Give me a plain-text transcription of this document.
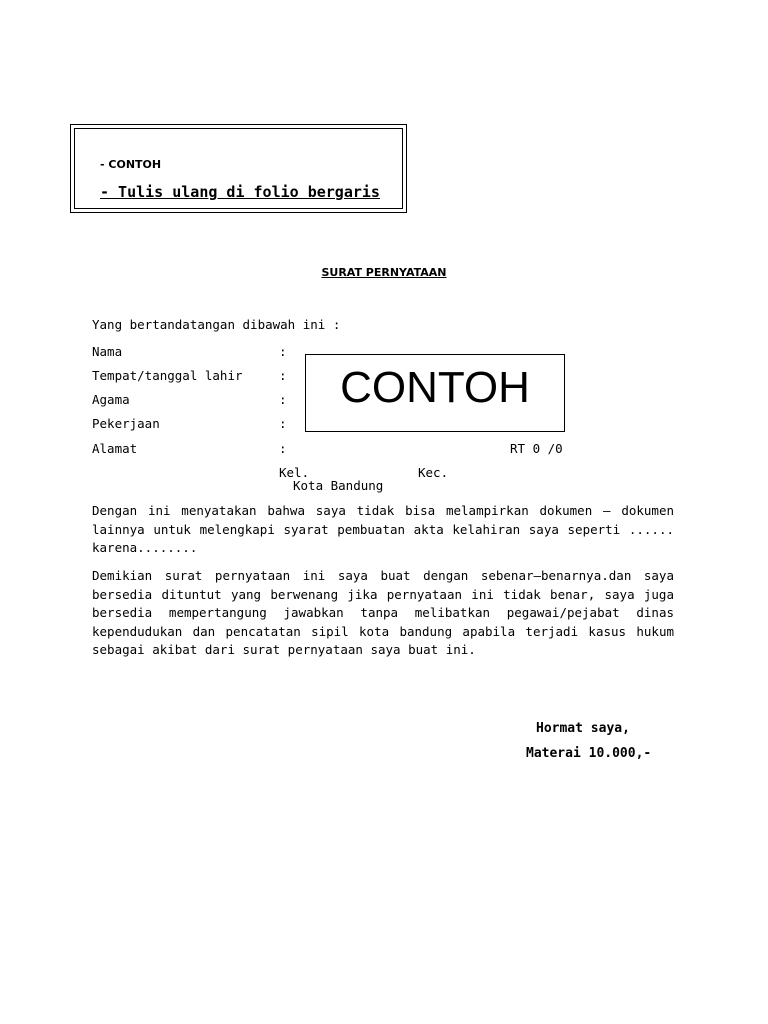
- CONTOH
- Tulis ulang di folio bergaris
SURAT PERNYATAAN
Yang bertandatangan dibawah ini :
Nama	:
Tempat/tanggal lahir	:
Agama	:
Pekerjaan	:
Alamat	:
CONTOH
RT 0 /0
Kel.	Kec.
Kota Bandung
Dengan ini menyatakan bahwa saya tidak bisa melampirkan dokumen – dokumen lainnya untuk melengkapi syarat pembuatan akta kelahiran saya seperti ...... karena........
Demikian surat pernyataan ini saya buat dengan sebenar–benarnya.dan saya bersedia dituntut yang berwenang jika pernyataan ini tidak benar, saya juga bersedia mempertangung jawabkan tanpa melibatkan pegawai/pejabat dinas kependudukan dan pencatatan sipil kota bandung apabila terjadi kasus hukum sebagai akibat dari surat pernyataan saya buat ini.
Hormat saya,
Materai 10.000,-
